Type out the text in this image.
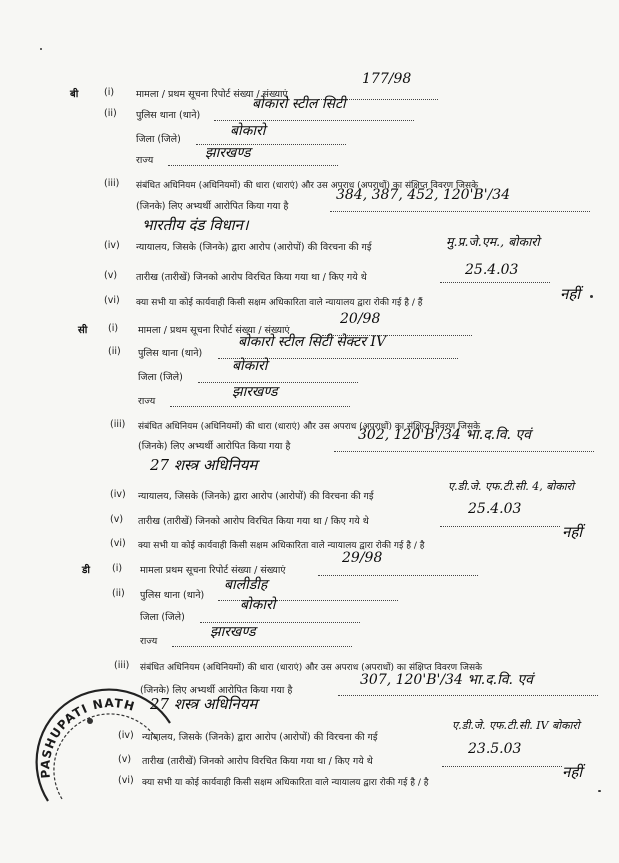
बी	(i) मामला / प्रथम सूचना रिपोर्ट संख्या / संख्याएं
177/98
(ii) पुलिस थाना (थाने)
बोकारो स्टील सिटी
जिला (जिले)
बोकारो
राज्य	झारखण्ड
(iii) संबंधित अधिनियम (अधिनियमों) की धारा (धाराएं) और उस अपराध (अपराधों) का संक्षिप्त विवरण जिसके
(जिनके) लिए अभ्यर्थी आरोपित किया गया है
384, 387, 452, 120'B'/34
भारतीय दंड विधान।
(iv) न्यायालय, जिसके (जिनके) द्वारा आरोप (आरोपों) की विरचना की गई	मु.प्र.जे.एम., बोकारो
(v) तारीख (तारीखें) जिनको आरोप विरचित किया गया था / किए गये थे	25.4.03
(vi) क्या सभी या कोई कार्यवाही किसी सक्षम अधिकारिता वाले न्यायालय द्वारा रोकी गई है / हैं	नहीं
सी (i) मामला / प्रथम सूचना रिपोर्ट संख्या / संख्याएं
20/98
(ii) पुलिस थाना (थाने)
बोकारो स्टील सिटी सेक्टर IV
जिला (जिले)
बोकारो
राज्य
झारखण्ड
(iii) संबंधित अधिनियम (अधिनियमों) की धारा (धाराएं) और उस अपराध (अपराधों) का संक्षिप्त विवरण जिसके
(जिनके) लिए अभ्यर्थी आरोपित किया गया है
302, 120'B'/34 भा.द.वि. एवं
27 शस्त्र अधिनियम
(iv) न्यायालय, जिसके (जिनके) द्वारा आरोप (आरोपों) की विरचना की गई
ए.डी.जे. एफ.टी.सी. 4, बोकारो
(v) तारीख (तारीखें) जिनको आरोप विरचित किया गया था / किए गये थे
25.4.03
(vi) क्या सभी या कोई कार्यवाही किसी सक्षम अधिकारिता वाले न्यायालय द्वारा रोकी गई है / है
नहीं
डी (i) मामला प्रथम सूचना रिपोर्ट संख्या / संख्याएं
29/98
(ii) पुलिस थाना (थाने)
बालीडीह
जिला (जिले)
बोकारो
राज्य
झारखण्ड
(iii) संबंधित अधिनियम (अधिनियमों) की धारा (धाराएं) और उस अपराध (अपराधों) का संक्षिप्त विवरण जिसके
(जिनके) लिए अभ्यर्थी आरोपित किया गया है
307, 120'B'/34 भा.द.वि. एवं
27 शस्त्र अधिनियम
(iv) न्यायालय, जिसके (जिनके) द्वारा आरोप (आरोपों) की विरचना की गई
ए.डी.जे. एफ.टी.सी. IV बोकारो
(v) तारीख (तारीखें) जिनको आरोप विरचित किया गया था / किए गये थे
23.5.03
(vi) क्या सभी या कोई कार्यवाही किसी सक्षम अधिकारिता वाले न्यायालय द्वारा रोकी गई है / है
नहीं
PASHUPATI NATH
